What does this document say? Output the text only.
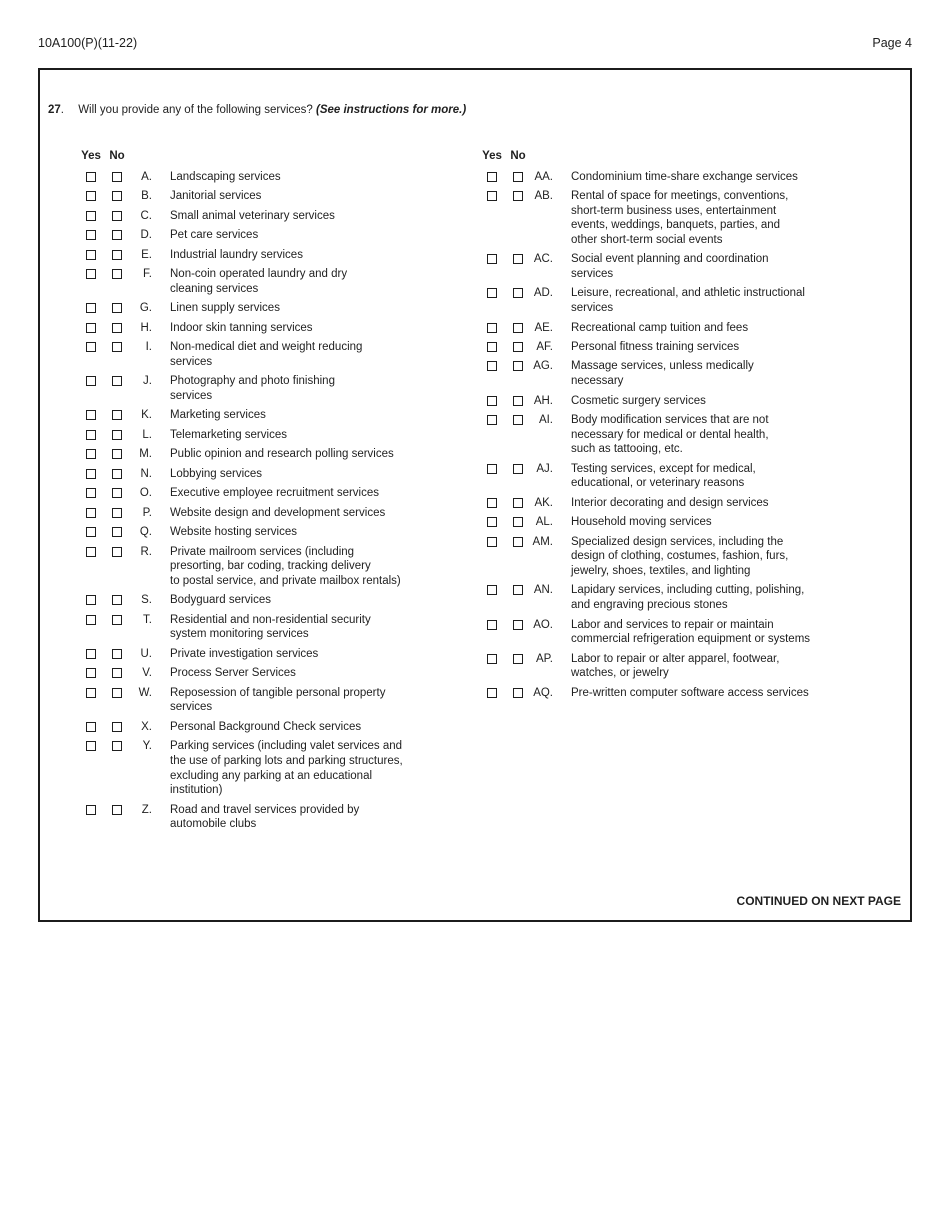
10A100(P)(11-22)	Page 4
27. Will you provide any of the following services? (See instructions for more.)
Yes No
A.	Landscaping services
B.	Janitorial services
C.	Small animal veterinary services
D.	Pet care services
E.	Industrial laundry services
F.	Non-coin operated laundry and dry
cleaning services
G.	Linen supply services
H.	Indoor skin tanning services
I.	Non-medical diet and weight reducing
services
J.	Photography and photo finishing
services
K.	Marketing services
L.	Telemarketing services
M.	Public opinion and research polling services
N.	Lobbying services
O.	Executive employee recruitment services
P.	Website design and development services
Q.	Website hosting services
R.	Private mailroom services (including
presorting, bar coding, tracking delivery
to postal service, and private mailbox rentals)
S.	Bodyguard services
T.	Residential and non-residential security
system monitoring services
U.	Private investigation services
V.	Process Server Services
W.	Reposession of tangible personal property
services
X.	Personal Background Check services
Y.	Parking services (including valet services and
the use of parking lots and parking structures,
excluding any parking at an educational
institution)
Z.	Road and travel services provided by
automobile clubs
Yes No
AA.	Condominium time-share exchange services
AB.	Rental of space for meetings, conventions,
short-term business uses, entertainment
events, weddings, banquets, parties, and
other short-term social events
AC.	Social event planning and coordination
services
AD.	Leisure, recreational, and athletic instructional
services
AE.	Recreational camp tuition and fees
AF.	Personal fitness training services
AG.	Massage services, unless medically
necessary
AH.	Cosmetic surgery services
AI.	Body modification services that are not
necessary for medical or dental health,
such as tattooing, etc.
AJ.	Testing services, except for medical,
educational, or veterinary reasons
AK.	Interior decorating and design services
AL.	Household moving services
AM.	Specialized design services, including the
design of clothing, costumes, fashion, furs,
jewelry, shoes, textiles, and lighting
AN.	Lapidary services, including cutting, polishing,
and engraving precious stones
AO.	Labor and services to repair or maintain
commercial refrigeration equipment or systems
AP.	Labor to repair or alter apparel, footwear,
watches, or jewelry
AQ.	Pre-written computer software access services
CONTINUED ON NEXT PAGE
